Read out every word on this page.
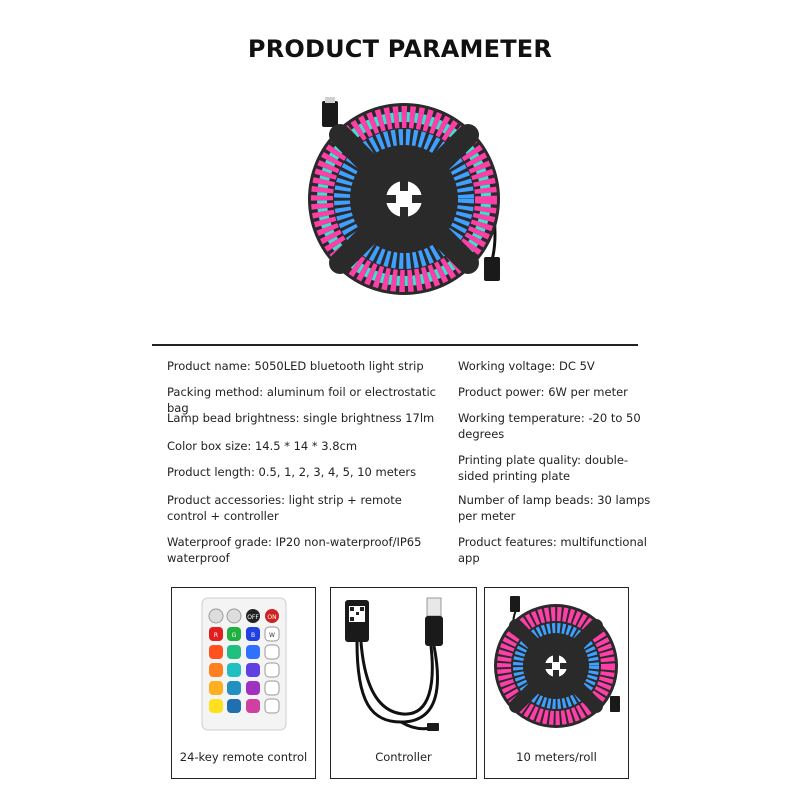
PRODUCT PARAMETER
Product name: 5050LED bluetooth light strip
Packing method: aluminum foil or electrostatic bag
Lamp bead brightness: single brightness 17lm
Color box size: 14.5 * 14 * 3.8cm
Product length: 0.5, 1, 2, 3, 4, 5, 10 meters
Product accessories: light strip + remote control + controller
Waterproof grade: IP20 non-waterproof/IP65 waterproof
Working voltage: DC 5V
Product power: 6W per meter
Working temperature: -20 to 50 degrees
Printing plate quality: double-sided printing plate
Number of lamp beads: 30 lamps per meter
Product features: multifunctional app
OFF ON
R G B W
24-key remote control	Controller	10 meters/roll
